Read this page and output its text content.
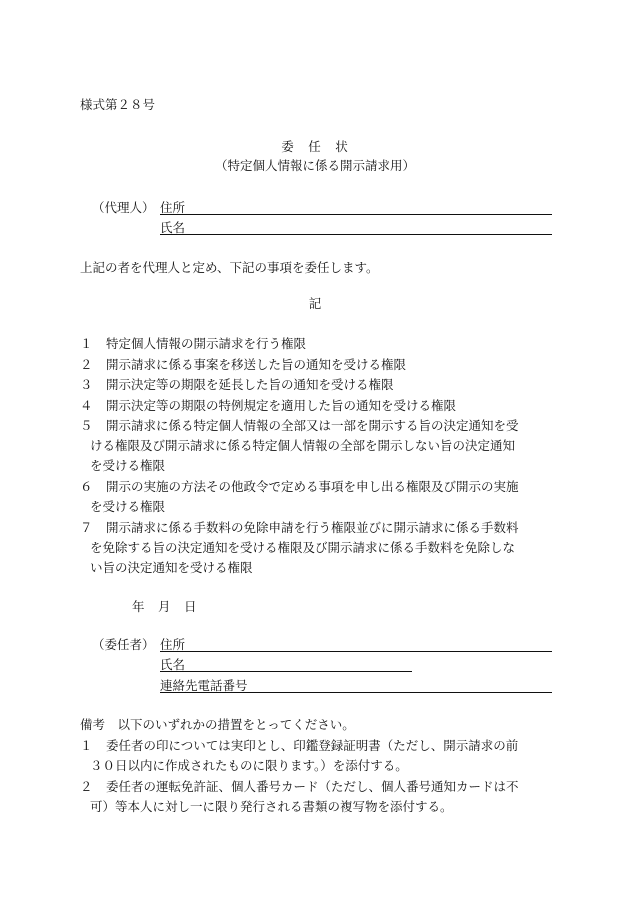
様式第２８号
委　任　状
（特定個人情報に係る開示請求用）
（代理人） 住所
氏名
上記の者を代理人と定め、下記の事項を委任します。
記
１	特定個人情報の開示請求を行う権限
２	開示請求に係る事案を移送した旨の通知を受ける権限
３	開示決定等の期限を延長した旨の通知を受ける権限
４	開示決定等の期限の特例規定を適用した旨の通知を受ける権限
５	開示請求に係る特定個人情報の全部又は一部を開示する旨の決定通知を受
ける権限及び開示請求に係る特定個人情報の全部を開示しない旨の決定通知
を受ける権限
６	開示の実施の方法その他政令で定める事項を申し出る権限及び開示の実施
を受ける権限
７	開示請求に係る手数料の免除申請を行う権限並びに開示請求に係る手数料
を免除する旨の決定通知を受ける権限及び開示請求に係る手数料を免除しな
い旨の決定通知を受ける権限
年 月 日
（委任者） 住所
氏名
連絡先電話番号
備考　以下のいずれかの措置をとってください。
１	委任者の印については実印とし、印鑑登録証明書（ただし、開示請求の前
３０日以内に作成されたものに限ります。）を添付する。
２	委任者の運転免許証、個人番号カード（ただし、個人番号通知カードは不
可）等本人に対し一に限り発行される書類の複写物を添付する。
